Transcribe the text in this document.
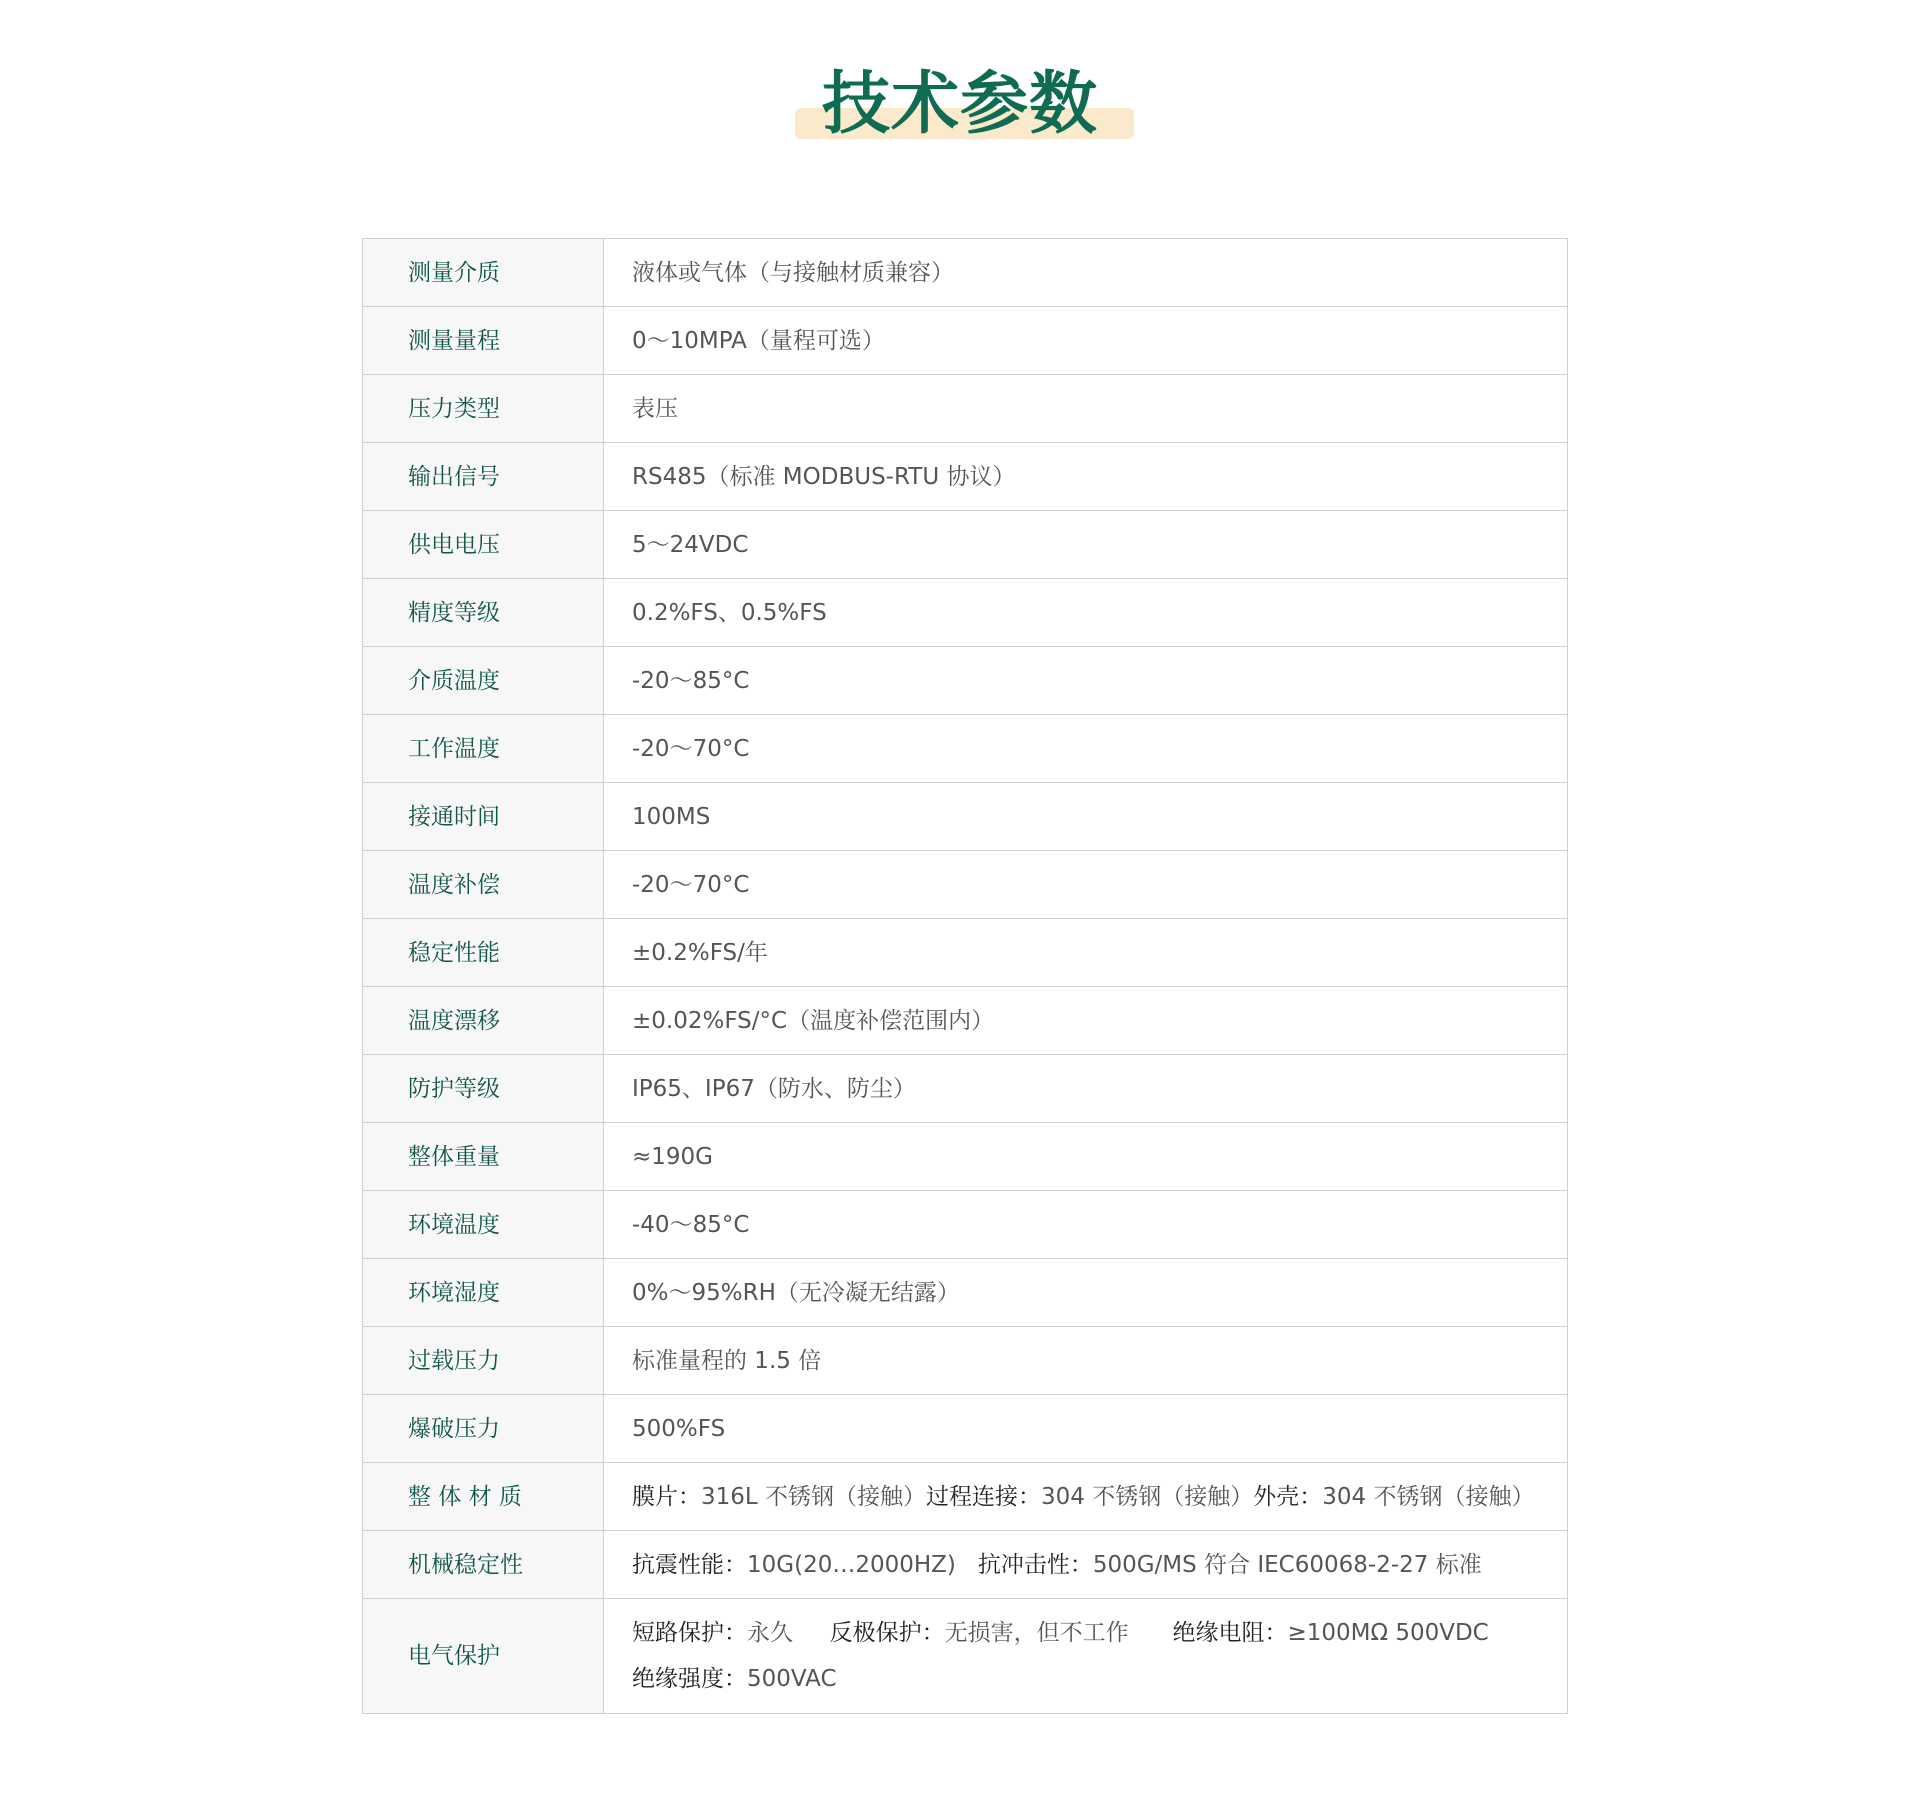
技术参数
测量介质	液体或气体（与接触材质兼容）
测量量程	0～10MPA（量程可选）
压力类型	表压
输出信号	RS485（标准 MODBUS-RTU 协议）
供电电压	5～24VDC
精度等级	0.2%FS、0.5%FS
介质温度	-20～85°C
工作温度	-20～70°C
接通时间	100MS
温度补偿	-20～70°C
稳定性能	±0.2%FS/年
温度漂移	±0.02%FS/°C（温度补偿范围内）
防护等级	IP65、IP67（防水、防尘）
整体重量	≈190G
环境温度	-40～85°C
环境湿度	0%～95%RH（无冷凝无结露）
过载压力	标准量程的 1.5 倍
爆破压力	500%FS
整 体 材 质	膜片：316L 不锈钢（接触）过程连接：304 不锈钢（接触）外壳：304 不锈钢（接触）
机械稳定性	抗震性能：10G(20…2000HZ) 抗冲击性：500G/MS 符合 IEC60068-2-27 标准
电气保护	短路保护：永久 反极保护：无损害，但不工作 绝缘电阻：≥100MΩ 500VDC
绝缘强度：500VAC
